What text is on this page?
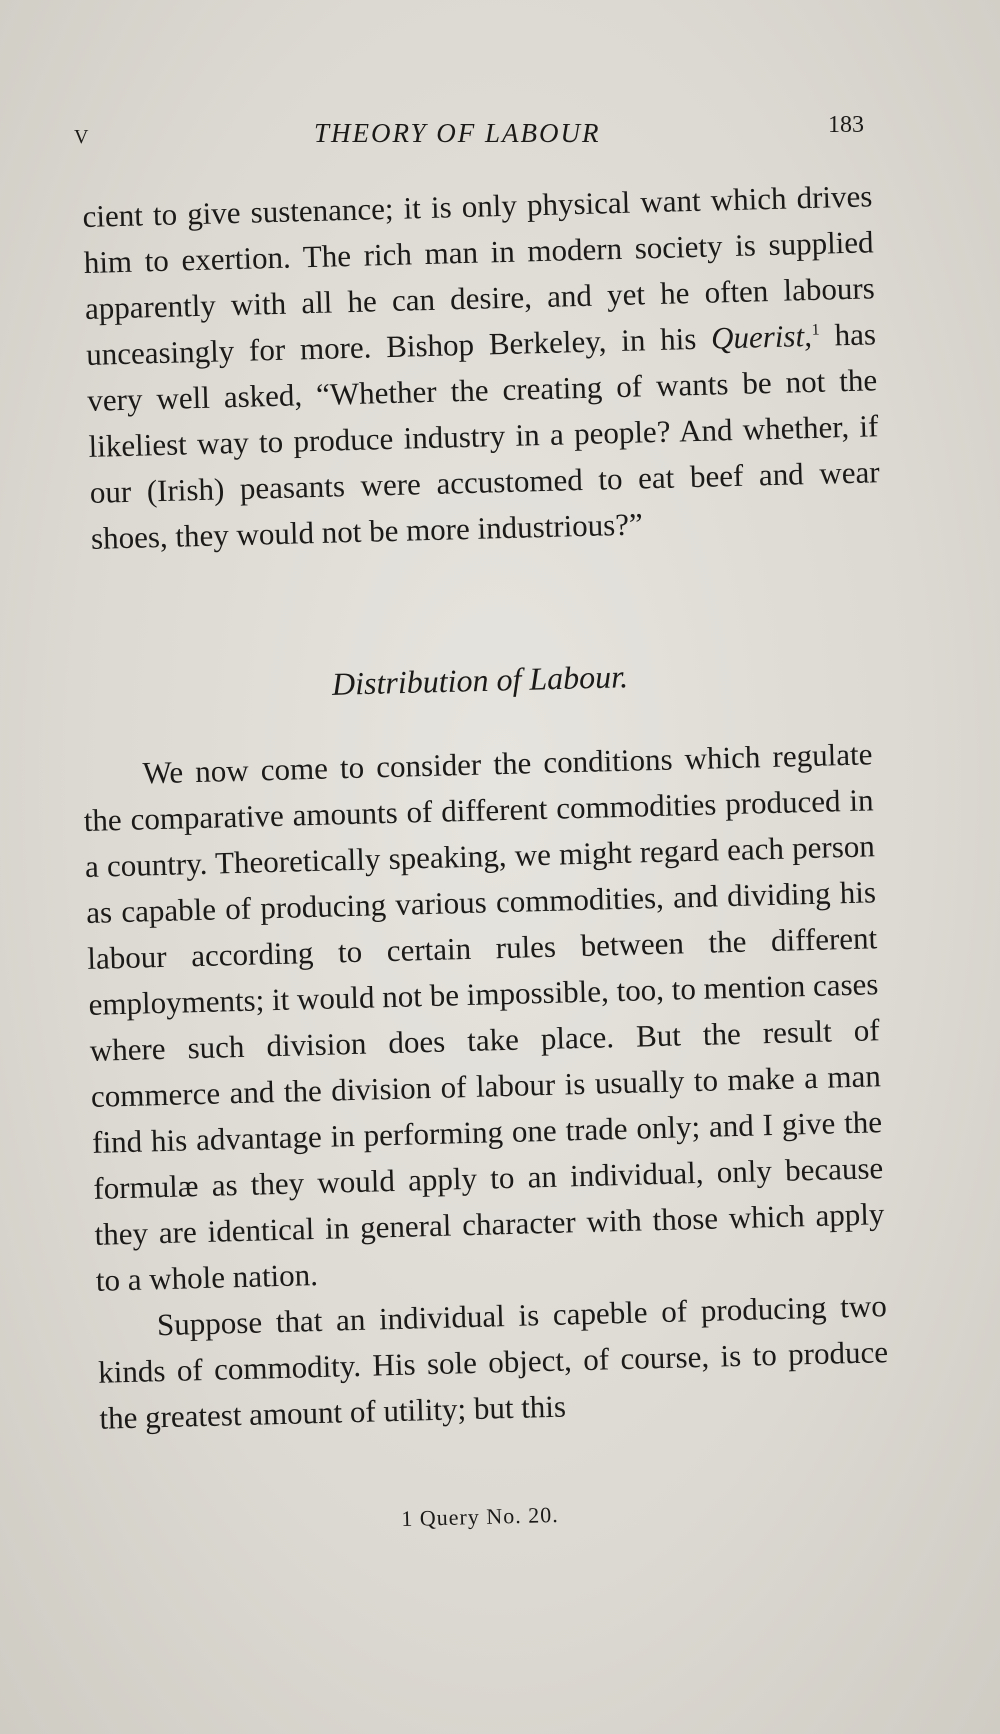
V	THEORY OF LABOUR	183

cient to give sustenance; it is only physical want which drives him to exertion. The rich man in modern society is supplied apparently with all he can desire, and yet he often labours unceasingly for more. Bishop Berkeley, in his Querist,$^1$ has very well asked, “Whether the creating of wants be not the likeliest way to produce industry in a people? And whether, if our (Irish) peasants were accustomed to eat beef and wear shoes, they would not be more industrious?”

Distribution of Labour.

We now come to consider the conditions which regulate the comparative amounts of different commodities produced in a country. Theoretically speaking, we might regard each person as capable of producing various commodities, and dividing his labour according to certain rules between the different employments; it would not be impossible, too, to mention cases where such division does take place. But the result of commerce and the division of labour is usually to make a man find his advantage in performing one trade only; and I give the formulæ as they would apply to an individual, only because they are identical in general character with those which apply to a whole nation.

Suppose that an individual is capeble of producing two kinds of commodity. His sole object, of course, is to produce the greatest amount of utility; but this

1 Query No. 20.
